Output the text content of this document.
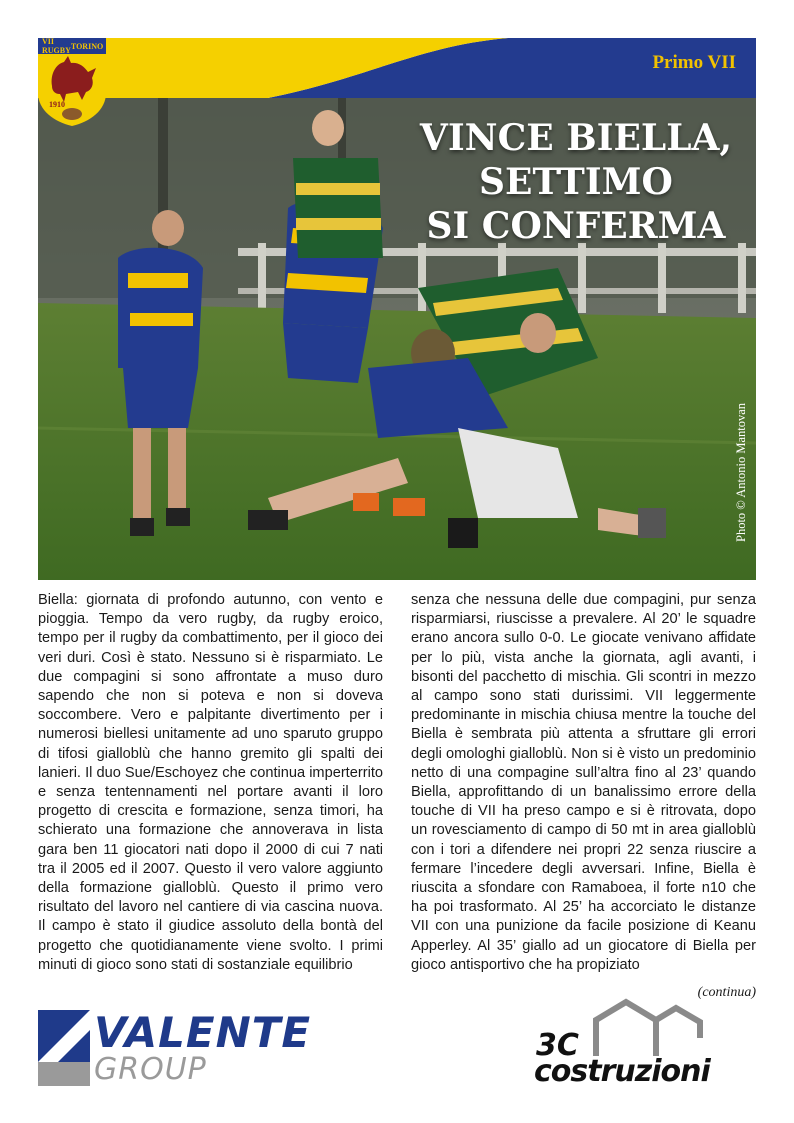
Primo VII
VII RUGBY TORINO
1910
VINCE BIELLA,
SETTIMO
SI CONFERMA
Photo © Antonio Mantovan
Biella: giornata di profondo autunno, con vento e pioggia. Tempo da vero rugby, da rugby eroico, tempo per il rugby da combattimento, per il gioco dei veri duri. Così è stato. Nessuno si è risparmiato. Le due compagini si sono affrontate a muso duro sapendo che non si poteva e non si doveva soccombere. Vero e palpitante divertimento per i numerosi biellesi unitamente ad uno sparuto gruppo di tifosi gialloblù che hanno gremito gli spalti dei lanieri. Il duo Sue/Eschoyez che continua imperterrito e senza tentennamenti nel portare avanti il loro progetto di crescita e formazione, senza timori, ha schierato una formazione che annoverava in lista gara ben 11 giocatori nati dopo il 2000 di cui 7 nati tra il 2005 ed il 2007. Questo il vero valore aggiunto della formazione gialloblù. Questo il primo vero risultato del lavoro nel cantiere di via cascina nuova. Il campo è stato il giudice assoluto della bontà del progetto che quotidianamente viene svolto. I primi minuti di gioco sono stati di sostanziale equilibrio
senza che nessuna delle due compagini, pur senza risparmiarsi, riuscisse a prevalere. Al 20’ le squadre erano ancora sullo 0-0. Le giocate venivano affidate per lo più, vista anche la giornata, agli avanti, i bisonti del pacchetto di mischia. Gli scontri in mezzo al campo sono stati durissimi. VII leggermente predominante in mischia chiusa mentre la touche del Biella è sembrata più attenta a sfruttare gli errori degli omologhi gialloblù. Non si è visto un predominio netto di una compagine sull’altra fino al 23’ quando Biella, approfittando di un banalissimo errore della touche di VII ha preso campo e si è ritrovata, dopo un rovesciamento di campo di 50 mt in area gialloblù con i tori a difendere nei propri 22 senza riuscire a fermare l’incedere degli avversari. Infine, Biella è riuscita a sfondare con Ramaboea, il forte n10 che ha poi trasformato. Al 25’ ha accorciato le distanze VII con una punizione da facile posizione di Keanu Apperley. Al 35’ giallo ad un giocatore di Biella per gioco antisportivo che ha propiziato
(continua)
VALENTE
GROUP
3C
costruzioni
